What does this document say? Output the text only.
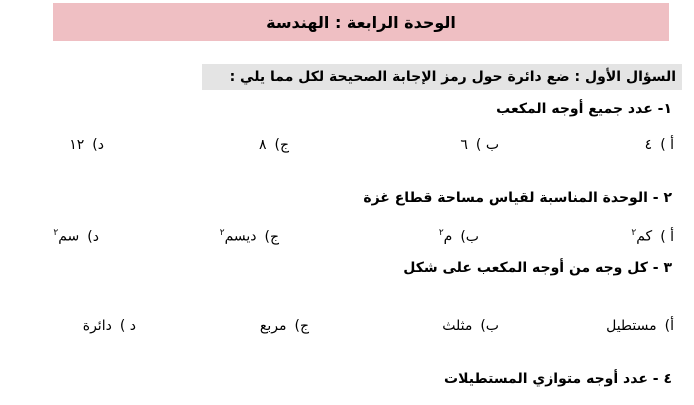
الوحدة الرابعة : الهندسة
السؤال الأول : ضع دائرة حول رمز الإجابة الصحيحة لكل مما يلي :
١- عدد جميع أوجه المكعب
أ )٤
ب )٦
ج)٨
د)١٢
٢ - الوحدة المناسبة لقياس مساحة قطاع غزة
أ )كم$^٢$
ب)م$^٢$
ج)ديسم$^٢$
د)سم$^٢$
٣ - كل وجه من أوجه المكعب على شكل
أ)مستطيل
ب)مثلث
ج)مربع
د )دائرة
٤ - عدد أوجه متوازي المستطيلات
